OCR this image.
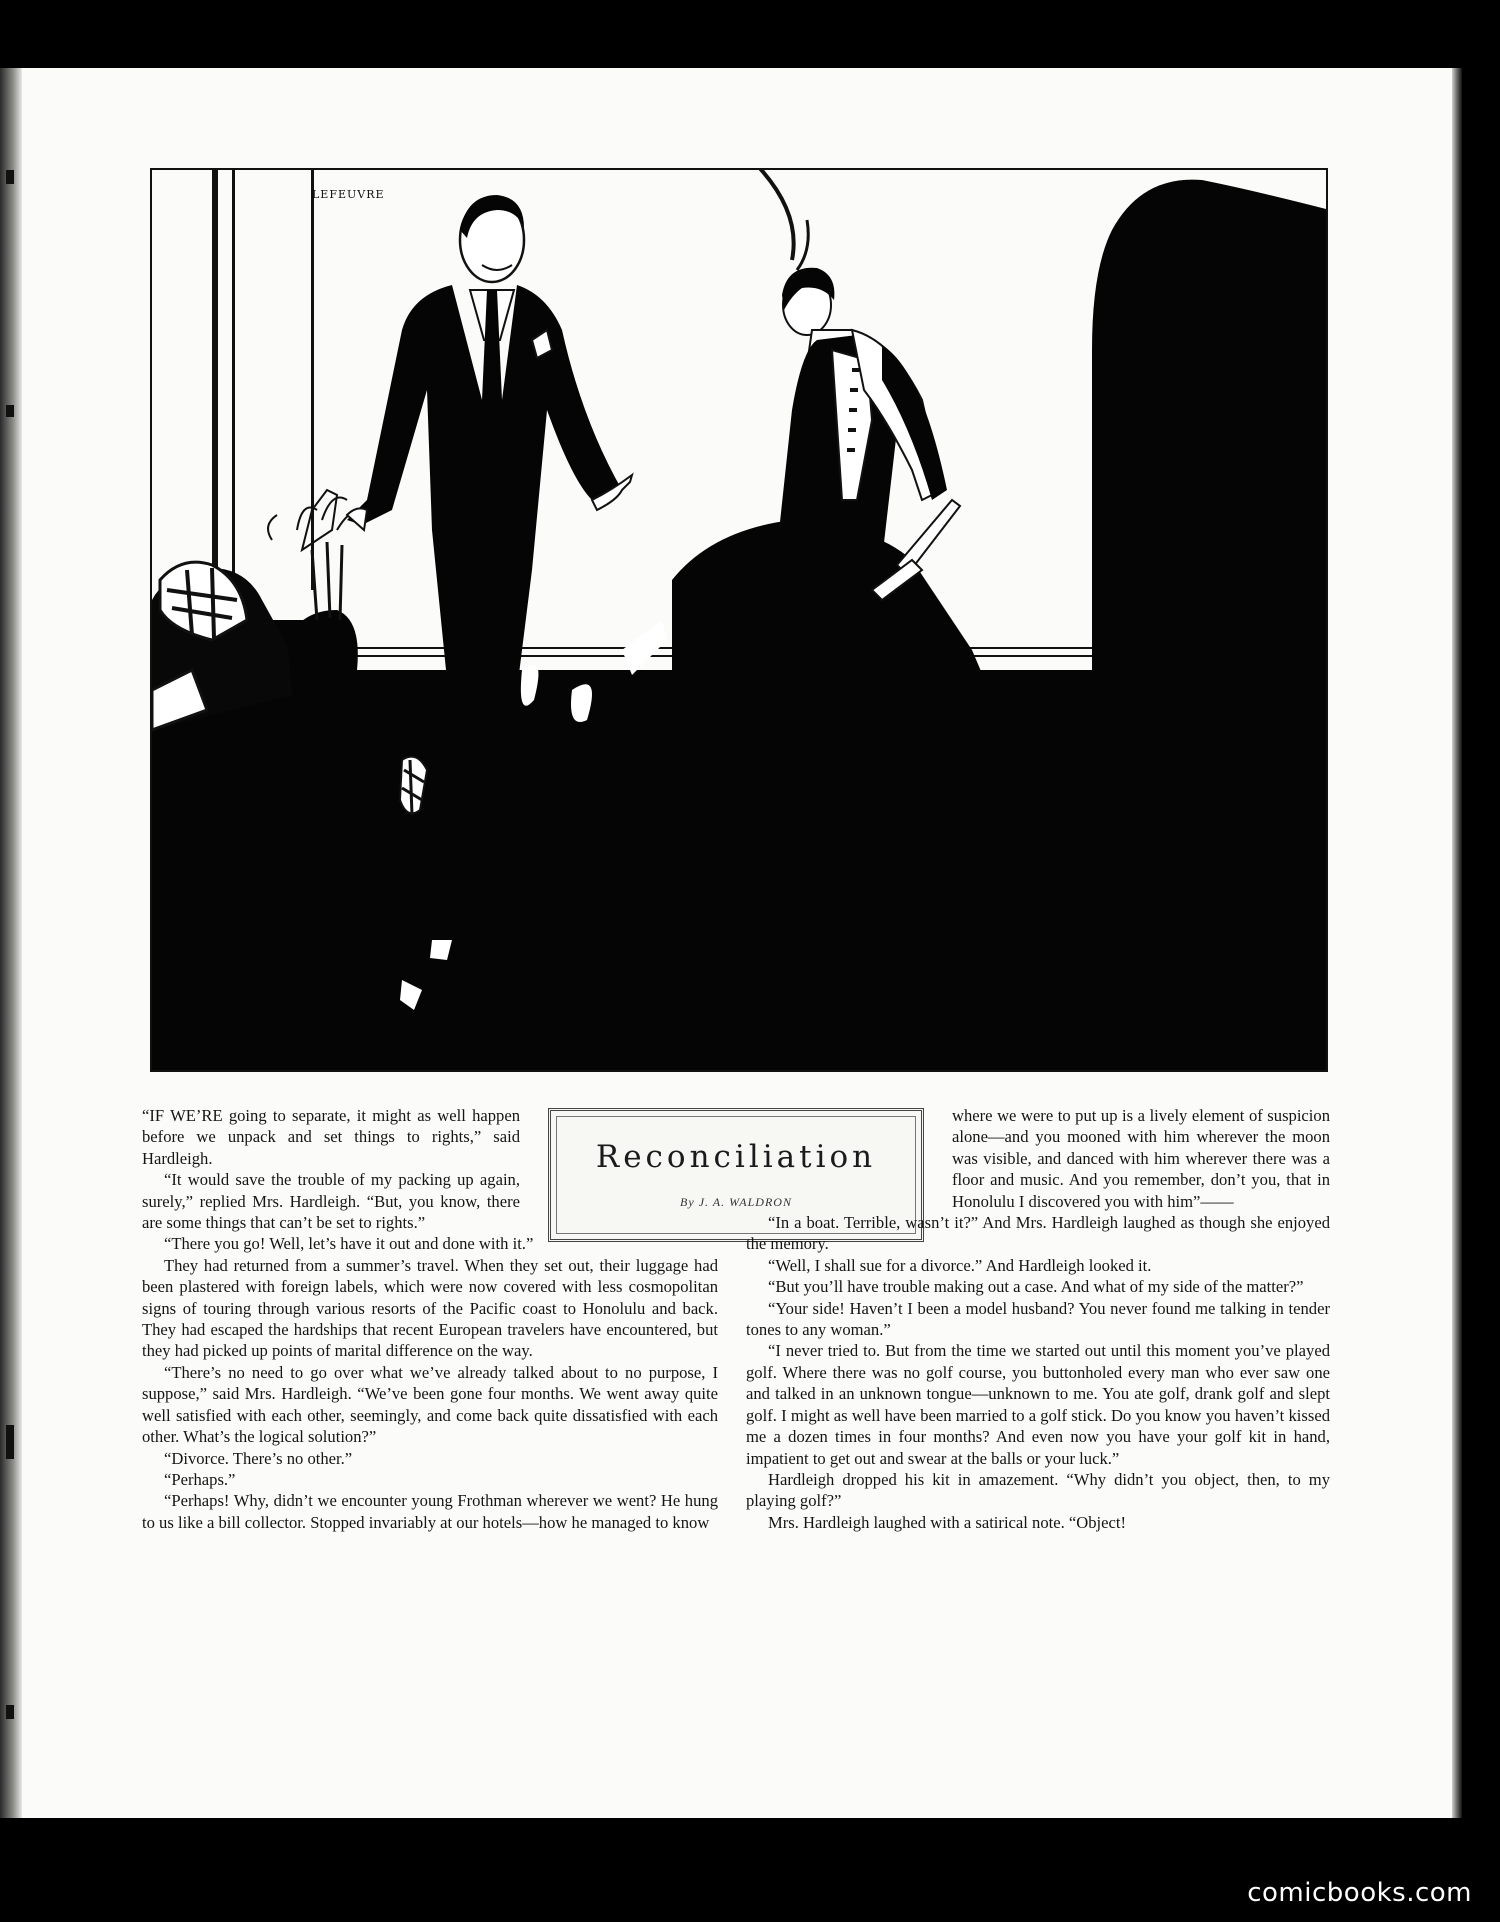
LEFEUVRE
Reconciliation
By J. A. WALDRON

“IF WE’RE going to separate, it might as well happen before we unpack and set things to rights,” said Hardleigh.

“It would save the trouble of my packing up again, surely,” replied Mrs. Hardleigh. “But, you know, there are some things that can’t be set to rights.”

“There you go! Well, let’s have it out and done with it.”

They had returned from a summer’s travel. When they set out, their luggage had been plastered with foreign labels, which were now covered with less cosmopolitan signs of touring through various resorts of the Pacific coast to Honolulu and back. They had escaped the hardships that recent European travelers have encountered, but they had picked up points of marital difference on the way.

“There’s no need to go over what we’ve already talked about to no purpose, I suppose,” said Mrs. Hardleigh. “We’ve been gone four months. We went away quite well satisfied with each other, seemingly, and come back quite dissatisfied with each other. What’s the logical solution?”

“Divorce. There’s no other.”

“Perhaps.”

“Perhaps! Why, didn’t we encounter young Frothman wherever we went? He hung to us like a bill collector. Stopped invariably at our hotels—how he managed to know

where we were to put up is a lively element of suspicion alone—and you mooned with him wherever the moon was visible, and danced with him wherever there was a floor and music. And you remember, don’t you, that in Honolulu I discovered you with him”——

“In a boat. Terrible, wasn’t it?” And Mrs. Hardleigh laughed as though she enjoyed the memory.

“Well, I shall sue for a divorce.” And Hardleigh looked it.

“But you’ll have trouble making out a case. And what of my side of the matter?”

“Your side! Haven’t I been a model husband? You never found me talking in tender tones to any woman.”

“I never tried to. But from the time we started out until this moment you’ve played golf. Where there was no golf course, you buttonholed every man who ever saw one and talked in an unknown tongue—unknown to me. You ate golf, drank golf and slept golf. I might as well have been married to a golf stick. Do you know you haven’t kissed me a dozen times in four months? And even now you have your golf kit in hand, impatient to get out and swear at the balls or your luck.”

Hardleigh dropped his kit in amazement. “Why didn’t you object, then, to my playing golf?”

Mrs. Hardleigh laughed with a satirical note. “Object!

comicbooks.com
